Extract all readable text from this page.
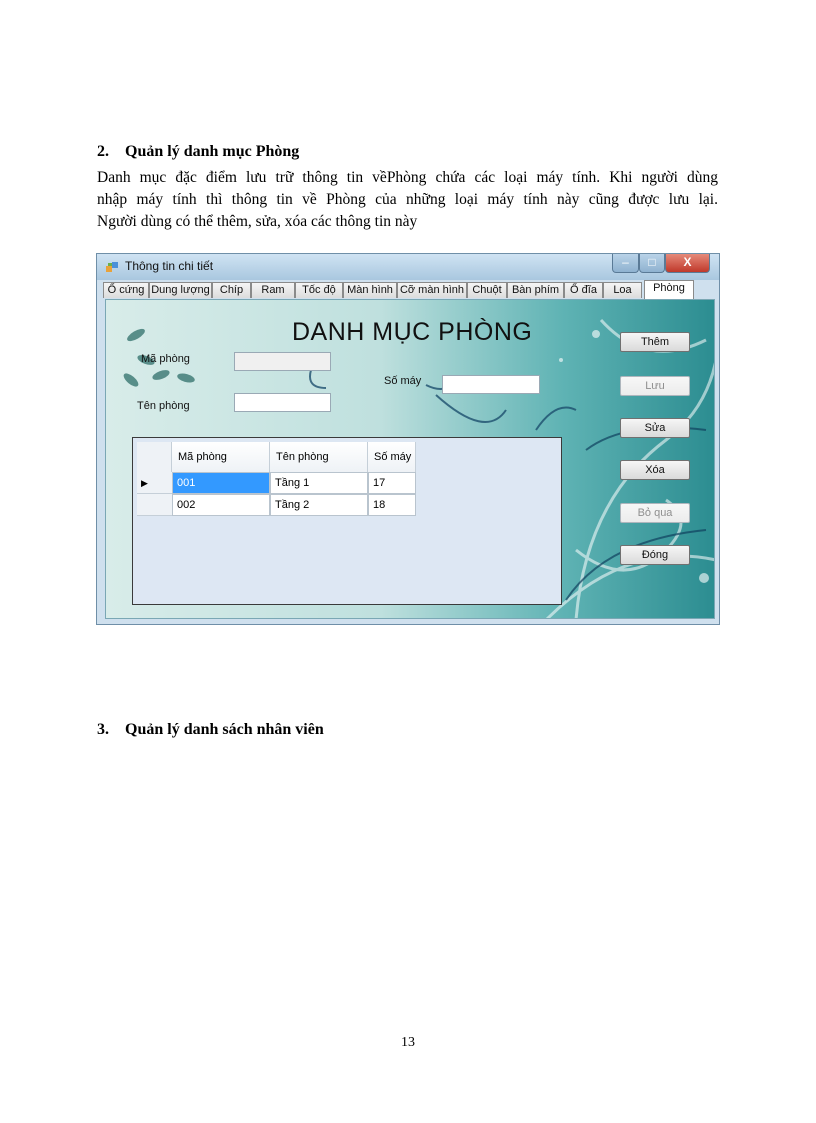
2. Quản lý danh mục Phòng
Danh mục đặc điểm lưu trữ thông tin vềPhòng chứa các loại máy tính. Khi người dùng
nhập máy tính thì thông tin về Phòng của những loại máy tính này cũng được lưu lại.
Người dùng có thể thêm, sửa, xóa các thông tin này
Thông tin chi tiết	–	□	X
Ổ cứng Dung lượng Chíp	Ram	Tốc độ	Màn hình Cỡ màn hình Chuột Bàn phím	Ổ đĩa	Loa	Phòng
DANH MỤC PHÒNG
Mã phòng
Tên phòng
Số máy
Thêm
Lưu
Sửa
Xóa
Bỏ qua
Đóng
Mã phòng	Tên phòng	Số máy
▶	001	Tầng 1	17
002	Tầng 2	18
3. Quản lý danh sách nhân viên
13
